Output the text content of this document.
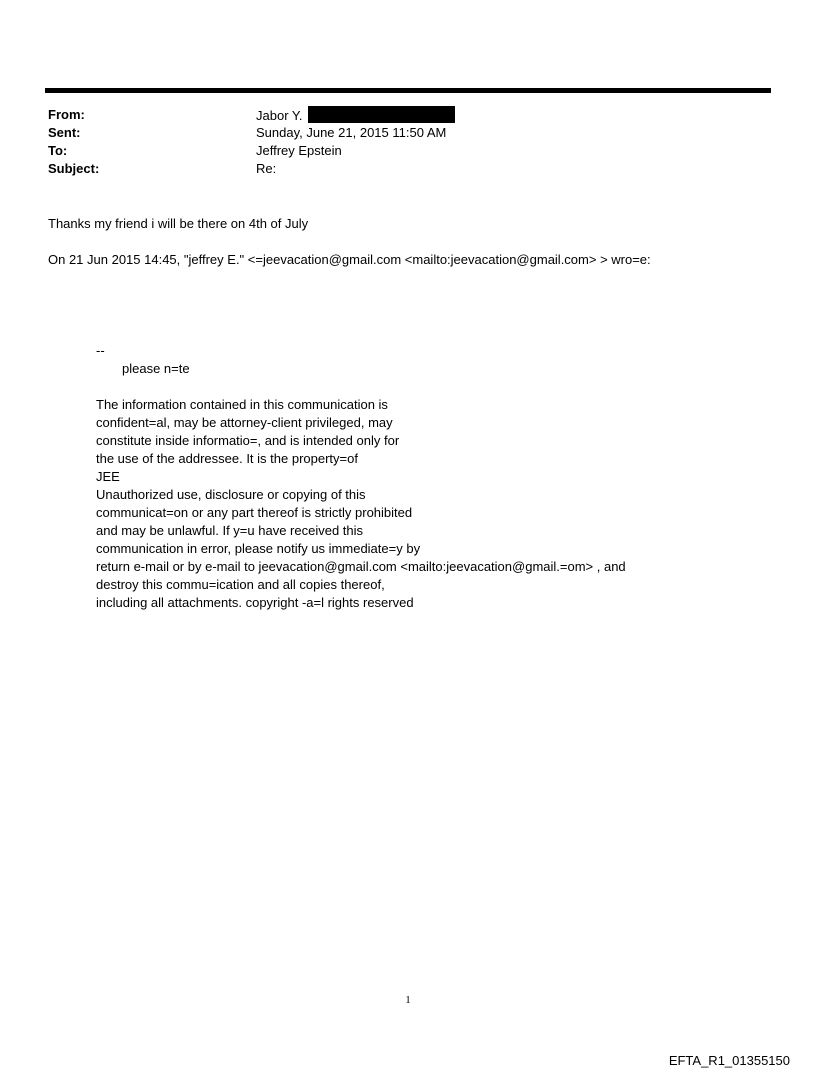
From:	Jabor Y.
Sent:	Sunday, June 21, 2015 11:50 AM
To:	Jeffrey Epstein
Subject:	Re:
Thanks my friend i will be there on 4th of July
On 21 Jun 2015 14:45, "jeffrey E." <=jeevacation@gmail.com <mailto:jeevacation@gmail.com> > wro=e:
--
please n=te
The information contained in this communication is
confident=al, may be attorney-client privileged, may
constitute inside informatio=, and is intended only for
the use of the addressee. It is the property=of
JEE
Unauthorized use, disclosure or copying of this
communicat=on or any part thereof is strictly prohibited
and may be unlawful. If y=u have received this
communication in error, please notify us immediate=y by
return e-mail or by e-mail to jeevacation@gmail.com <mailto:jeevacation@gmail.=om> , and
destroy this commu=ication and all copies thereof,
including all attachments. copyright -a=l rights reserved
1
EFTA_R1_01355150
